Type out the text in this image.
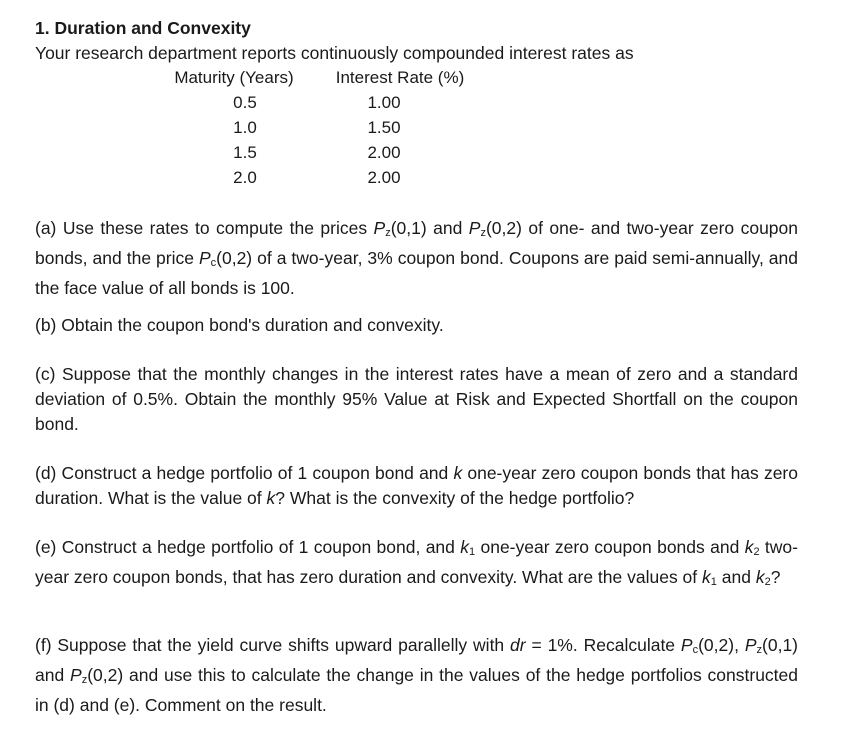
1. Duration and Convexity
Your research department reports continuously compounded interest rates as
Maturity (Years)	Interest Rate (%)
0.5	1.00
1.0	1.50
1.5	2.00
2.0	2.00
(a) Use these rates to compute the prices $P_z(0,1)$ and $P_z(0,2)$ of one- and two-year zero coupon bonds, and the price $P_c(0,2)$ of a two-year, 3% coupon bond. Coupons are paid semi-annually, and the face value of all bonds is 100.
(b) Obtain the coupon bond's duration and convexity.
(c) Suppose that the monthly changes in the interest rates have a mean of zero and a standard deviation of 0.5%. Obtain the monthly 95% Value at Risk and Expected Shortfall on the coupon bond.
(d) Construct a hedge portfolio of 1 coupon bond and k one-year zero coupon bonds that has zero duration. What is the value of k? What is the convexity of the hedge portfolio?
(e) Construct a hedge portfolio of 1 coupon bond, and $k_1$ one-year zero coupon bonds and $k_2$ two-year zero coupon bonds, that has zero duration and convexity. What are the values of $k_1$ and $k_2$?
(f) Suppose that the yield curve shifts upward parallelly with dr = 1%. Recalculate $P_c(0,2)$, $P_z(0,1)$ and $P_z(0,2)$ and use this to calculate the change in the values of the hedge portfolios constructed in (d) and (e). Comment on the result.
